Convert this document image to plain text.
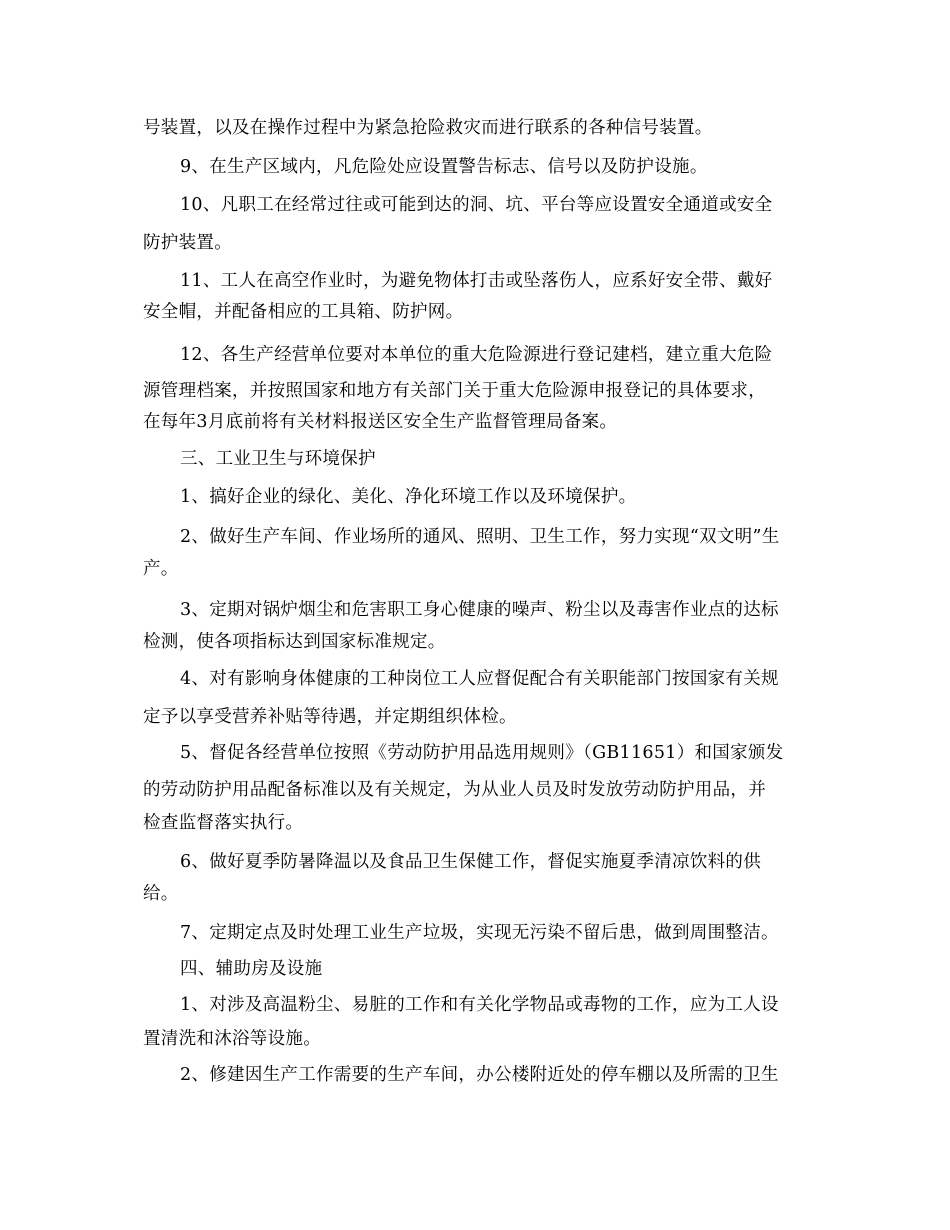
号装置，以及在操作过程中为紧急抢险救灾而进行联系的各种信号装置。
9、在生产区域内，凡危险处应设置警告标志、信号以及防护设施。
10、凡职工在经常过往或可能到达的洞、坑、平台等应设置安全通道或安全
防护装置。
11、工人在高空作业时，为避免物体打击或坠落伤人，应系好安全带、戴好
安全帽，并配备相应的工具箱、防护网。
12、各生产经营单位要对本单位的重大危险源进行登记建档，建立重大危险
源管理档案，并按照国家和地方有关部门关于重大危险源申报登记的具体要求，
在每年3月底前将有关材料报送区安全生产监督管理局备案。
三、工业卫生与环境保护
1、搞好企业的绿化、美化、净化环境工作以及环境保护。
2、做好生产车间、作业场所的通风、照明、卫生工作，努力实现“双文明”生
产。
3、定期对锅炉烟尘和危害职工身心健康的噪声、粉尘以及毒害作业点的达标
检测，使各项指标达到国家标准规定。
4、对有影响身体健康的工种岗位工人应督促配合有关职能部门按国家有关规
定予以享受营养补贴等待遇，并定期组织体检。
5、督促各经营单位按照《劳动防护用品选用规则》（GB11651）和国家颁发
的劳动防护用品配备标准以及有关规定，为从业人员及时发放劳动防护用品，并
检查监督落实执行。
6、做好夏季防暑降温以及食品卫生保健工作，督促实施夏季清凉饮料的供
给。
7、定期定点及时处理工业生产垃圾，实现无污染不留后患，做到周围整洁。
四、辅助房及设施
1、对涉及高温粉尘、易脏的工作和有关化学物品或毒物的工作，应为工人设
置清洗和沐浴等设施。
2、修建因生产工作需要的生产车间，办公楼附近处的停车棚以及所需的卫生
